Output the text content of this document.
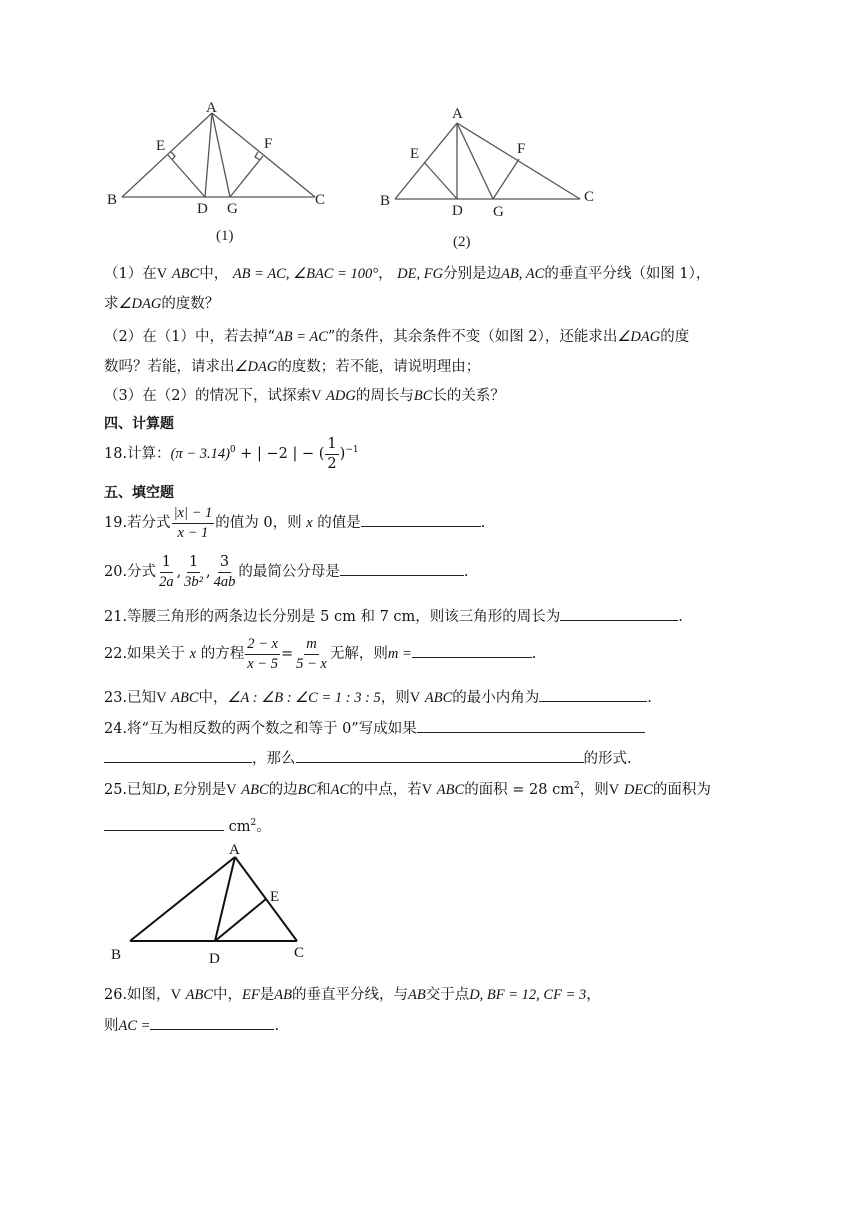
A
B	C
D
E	F
G
(1)
A
B	C
D
E	F
G
(2)
（1）在V ABC中， AB = AC, ∠BAC = 100°， DE, FG分别是边AB, AC的垂直平分线（如图 1），
求∠DAG的度数？
（2）在（1）中，若去掉“AB = AC”的条件，其余条件不变（如图 2），还能求出∠DAG的度
数吗？若能，请求出∠DAG的度数；若不能，请说明理由；
（3）在（2）的情况下，试探索V ADG的周长与BC长的关系？
四、计算题
18.计算：$(\pi - 3.14)^0$ + | −2 | − ( $\frac{1}{2} )^{-1}$
五、填空题
19.若分式 $\frac{|x| - 1}{x - 1}$ 的值为 0，则 x 的值是	.
20.分式 $\frac{1}{2a}$ , $\frac{1}{\text{3b²}}$ , $\frac{3}{4ab}$ 的最简公分母是	.
21.等腰三角形的两条边长分别是 5 cm 和 7 cm，则该三角形的周长为	.
22.如果关于 x 的方程 $\frac{2 - x}{x - 5} = \frac{m}{5 - x}$ 无解，则m =	.
23.已知V ABC中，∠A : ∠B : ∠C = 1 : 3 : 5，则V ABC的最小内角为	.
24.将“互为相反数的两个数之和等于 0”写成如果
，那么	的形式.
25.已知D, E分别是V ABC的边BC和AC的中点，若V ABC的面积 = 28 $cm^2$，则V DEC的面积为
$cm^2$。
A
B	C
D
E
26.如图，V ABC中，EF是AB的垂直平分线，与AB交于点D, BF = 12, CF = 3，
则AC =	.
